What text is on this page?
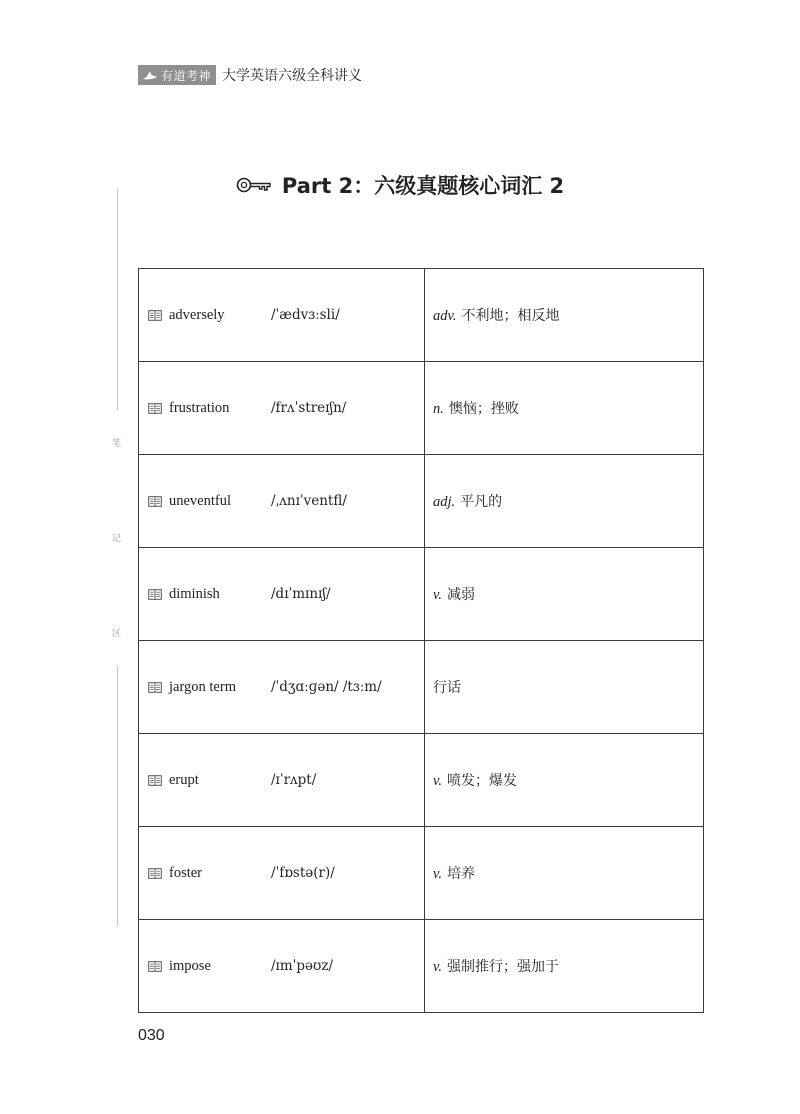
有道考神 大学英语六级全科讲义
笔
记
区
Part 2：六级真题核心词汇 2
adversely /ˈædvɜːsli/	adv. 不利地；相反地

frustration /frʌˈstreɪʃn/	n. 懊恼；挫败

uneventful /ˌʌnɪˈventfl/	adj. 平凡的

diminish /dɪˈmɪnɪʃ/	v. 减弱

jargon term /ˈdʒɑːɡən/ /tɜːm/	行话

erupt /ɪˈrʌpt/	v. 喷发；爆发

foster /ˈfɒstə(r)/	v. 培养

impose /ɪmˈpəʊz/	v. 强制推行；强加于
030
